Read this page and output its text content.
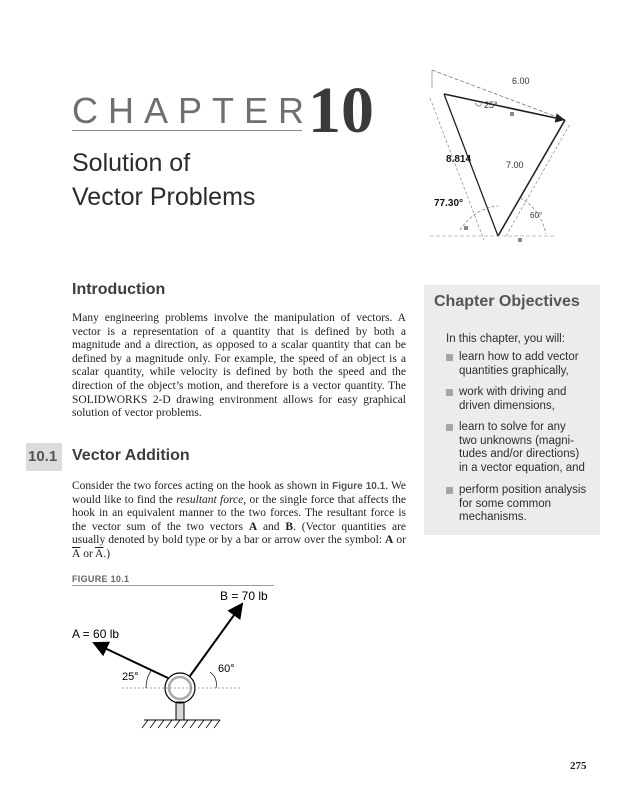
CHAPTER
10
Solution of
Vector Problems
6.00
25°
8.814	7.00
77.30°
60°
Introduction
Many engineering problems involve the manipulation of vectors. A vector is a representation of a quantity that is defined by both a magnitude and a direction, as opposed to a scalar quantity that can be defined by a magnitude only. For example, the speed of an object is a scalar quantity, while velocity is defined by both the speed and the direction of the object’s motion, and therefore is a vector quantity. The SOLIDWORKS 2-D drawing environment allows for easy graphical solution of vector problems.
Chapter Objectives
In this chapter, you will:
learn how to add vector
quantities graphically,
work with driving and
driven dimensions,
learn to solve for any
two unknowns (magni-
tudes and/or directions)
in a vector equation, and
perform position analysis
for some common
mechanisms.
10.1 Vector Addition
Consider the two forces acting on the hook as shown in Figure 10.1. We would like to find the resultant force, or the single force that affects the hook in an equivalent manner to the two forces. The resultant force is the vector sum of the two vectors A and B. (Vector quantities are usually denoted by bold type or by a bar or arrow over the symbol: A or $\overline{A}$ or $\overline{A}$.)
FIGURE 10.1
B = 70 lb
A = 60 lb
25°
60°
275
